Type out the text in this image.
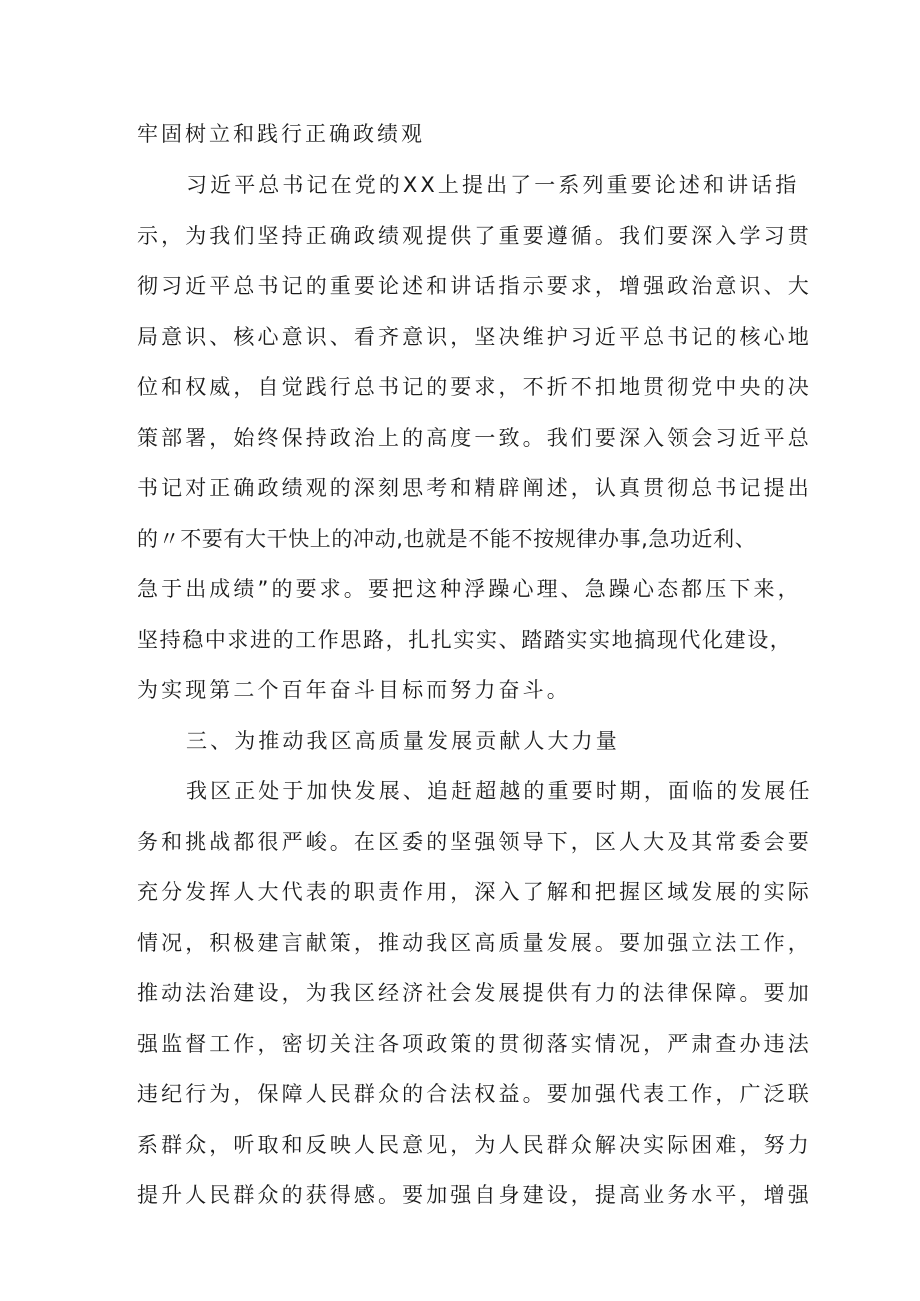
牢固树立和践行正确政绩观
习近平总书记在党的XX上提出了一系列重要论述和讲话指
示，为我们坚持正确政绩观提供了重要遵循。我们要深入学习贯
彻习近平总书记的重要论述和讲话指示要求，增强政治意识、大
局意识、核心意识、看齐意识，坚决维护习近平总书记的核心地
位和权威，自觉践行总书记的要求，不折不扣地贯彻党中央的决
策部署，始终保持政治上的高度一致。我们要深入领会习近平总
书记对正确政绩观的深刻思考和精辟阐述，认真贯彻总书记提出
的〃不要有大干快上的冲动,也就是不能不按规律办事,急功近利、
急于出成绩”的要求。要把这种浮躁心理、急躁心态都压下来，
坚持稳中求进的工作思路，扎扎实实、踏踏实实地搞现代化建设，
为实现第二个百年奋斗目标而努力奋斗。
三、为推动我区高质量发展贡献人大力量
我区正处于加快发展、追赶超越的重要时期，面临的发展任
务和挑战都很严峻。在区委的坚强领导下，区人大及其常委会要
充分发挥人大代表的职责作用，深入了解和把握区域发展的实际
情况，积极建言献策，推动我区高质量发展。要加强立法工作，
推动法治建设，为我区经济社会发展提供有力的法律保障。要加
强监督工作，密切关注各项政策的贯彻落实情况，严肃查办违法
违纪行为，保障人民群众的合法权益。要加强代表工作，广泛联
系群众，听取和反映人民意见，为人民群众解决实际困难，努力
提升人民群众的获得感。要加强自身建设，提高业务水平，增强
